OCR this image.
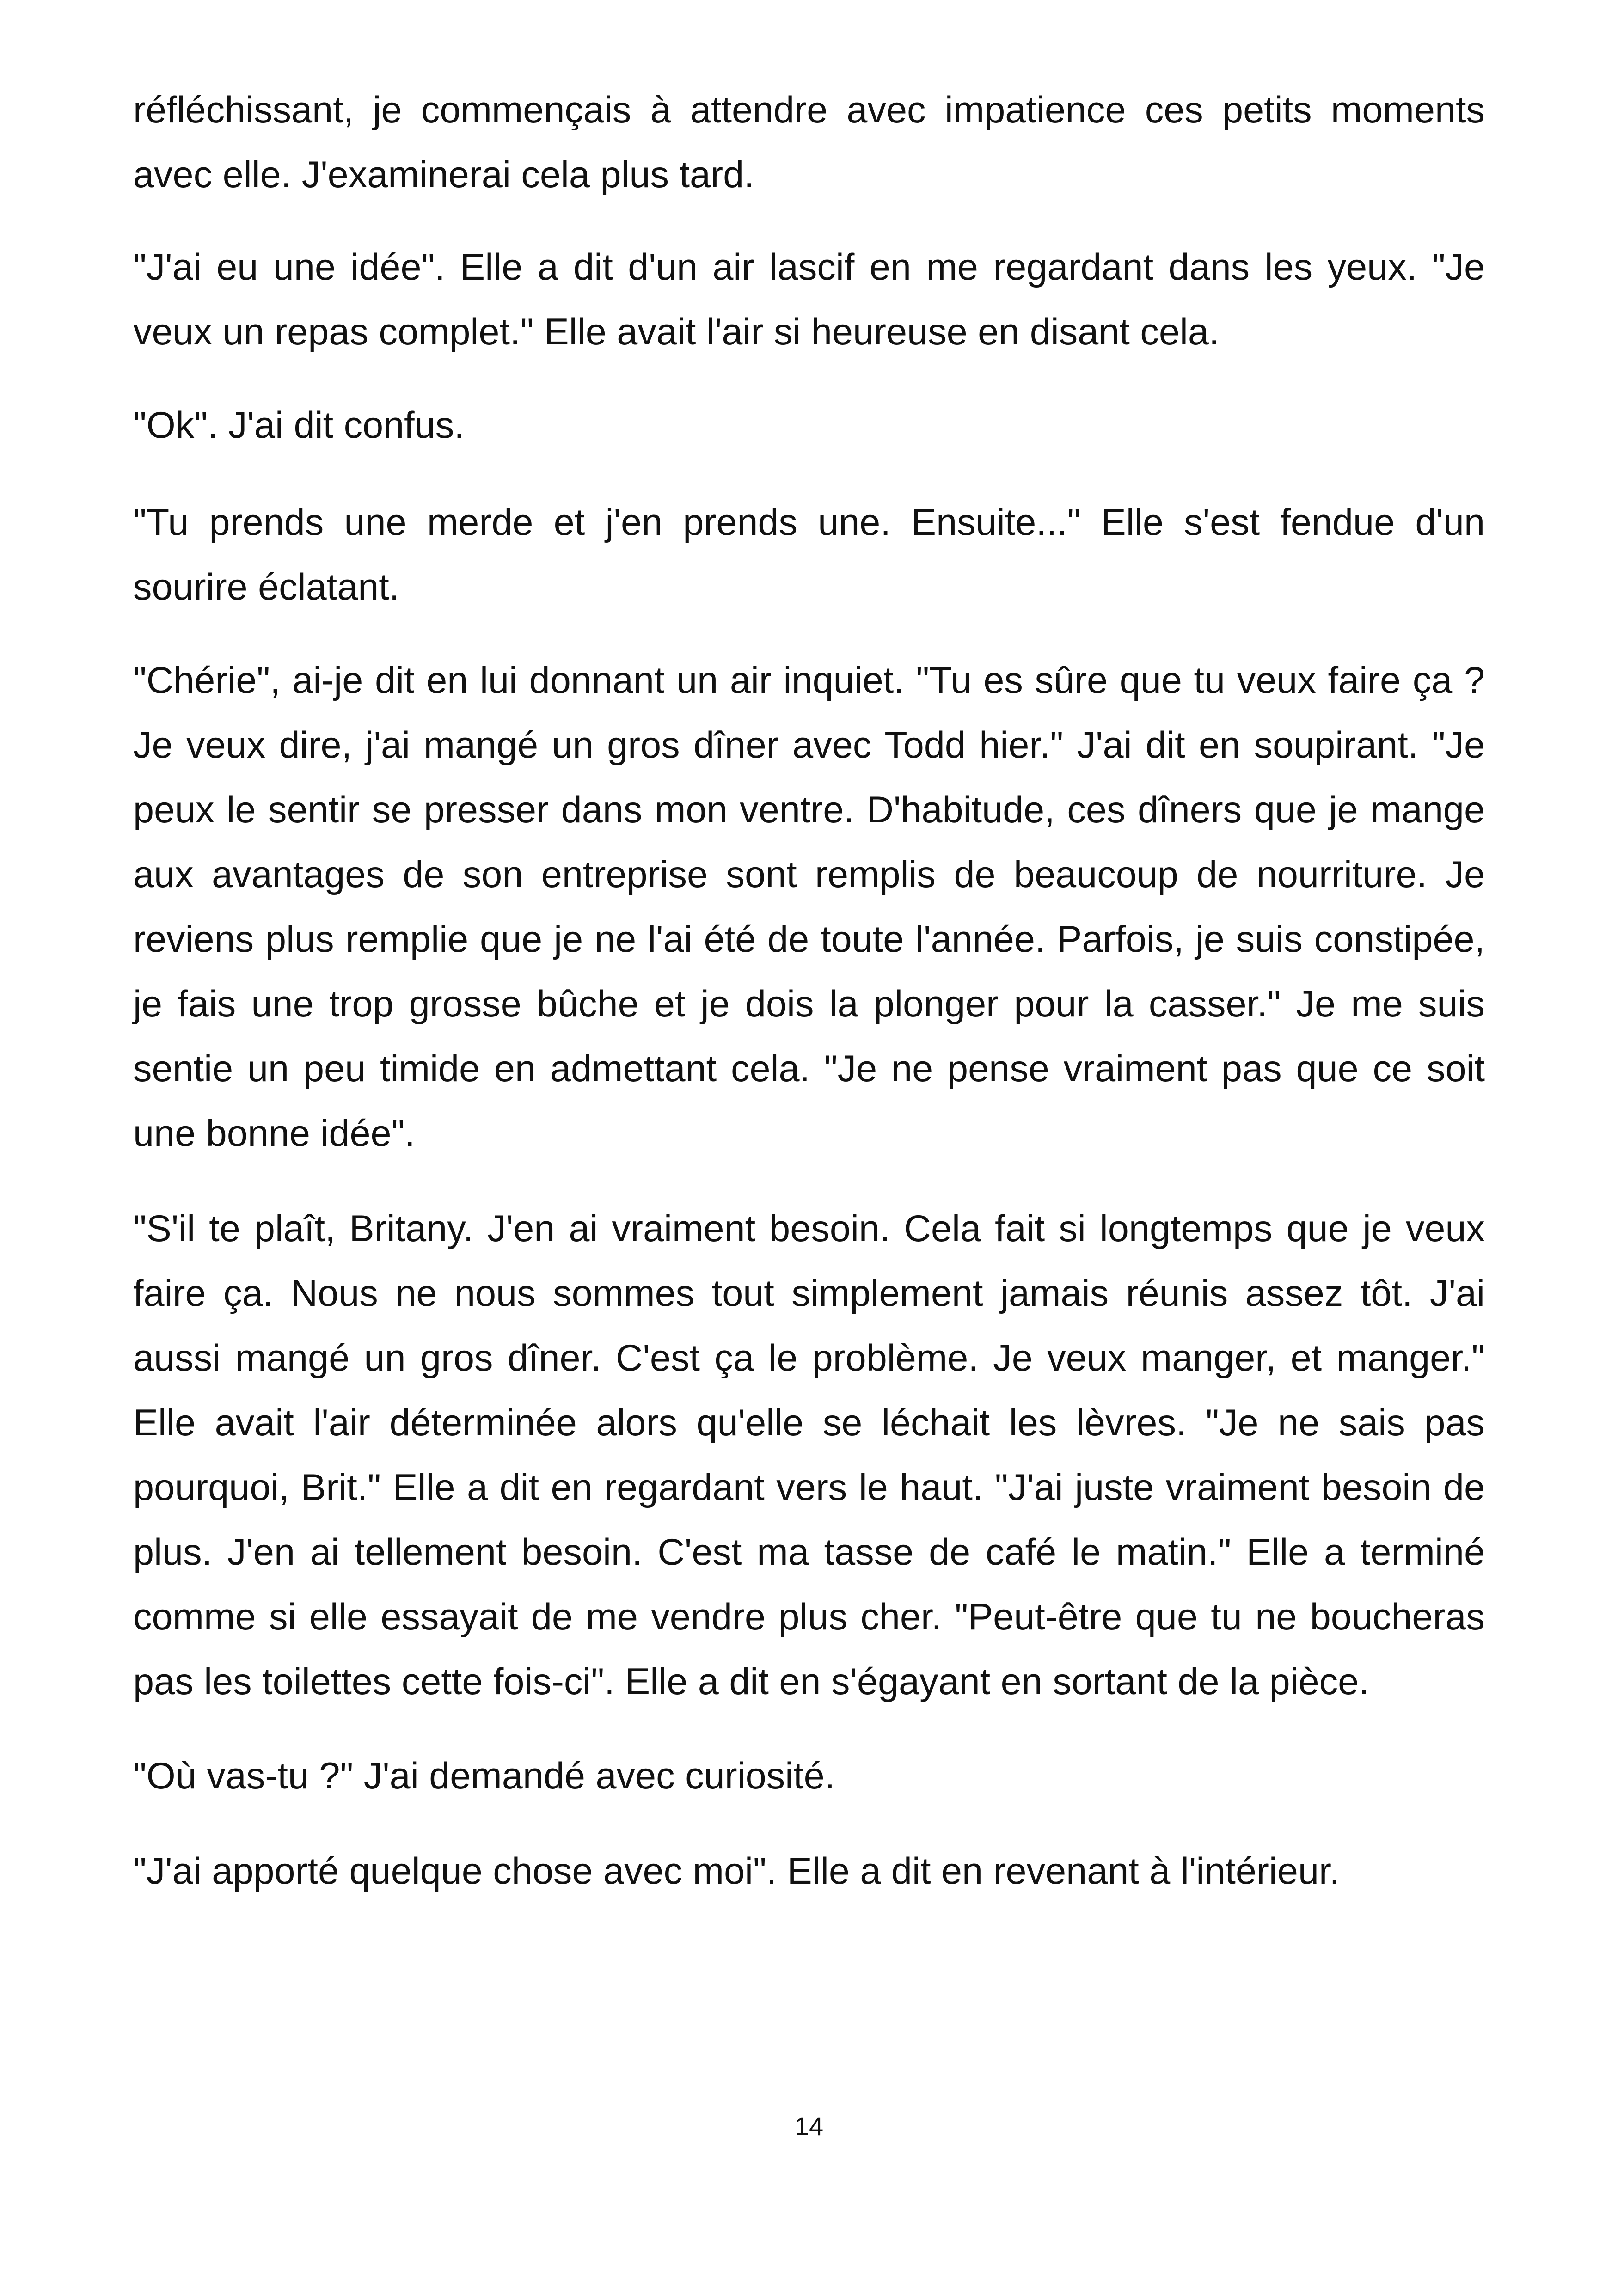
réfléchissant, je commençais à attendre avec impatience ces petits moments avec elle. J'examinerai cela plus tard.

"J'ai eu une idée". Elle a dit d'un air lascif en me regardant dans les yeux. "Je veux un repas complet." Elle avait l'air si heureuse en disant cela.

"Ok". J'ai dit confus.

"Tu prends une merde et j'en prends une. Ensuite..." Elle s'est fendue d'un sourire éclatant.

"Chérie", ai-je dit en lui donnant un air inquiet. "Tu es sûre que tu veux faire ça ? Je veux dire, j'ai mangé un gros dîner avec Todd hier." J'ai dit en soupirant. "Je peux le sentir se presser dans mon ventre. D'habitude, ces dîners que je mange aux avantages de son entreprise sont remplis de beaucoup de nourriture. Je reviens plus remplie que je ne l'ai été de toute l'année. Parfois, je suis constipée, je fais une trop grosse bûche et je dois la plonger pour la casser." Je me suis sentie un peu timide en admettant cela. "Je ne pense vraiment pas que ce soit une bonne idée".

"S'il te plaît, Britany. J'en ai vraiment besoin. Cela fait si longtemps que je veux faire ça. Nous ne nous sommes tout simplement jamais réunis assez tôt. J'ai aussi mangé un gros dîner. C'est ça le problème. Je veux manger, et manger." Elle avait l'air déterminée alors qu'elle se léchait les lèvres. "Je ne sais pas pourquoi, Brit." Elle a dit en regardant vers le haut. "J'ai juste vraiment besoin de plus. J'en ai tellement besoin. C'est ma tasse de café le matin." Elle a terminé comme si elle essayait de me vendre plus cher. "Peut-être que tu ne boucheras pas les toilettes cette fois-ci". Elle a dit en s'égayant en sortant de la pièce.

"Où vas-tu ?" J'ai demandé avec curiosité.

"J'ai apporté quelque chose avec moi". Elle a dit en revenant à l'intérieur.

14
